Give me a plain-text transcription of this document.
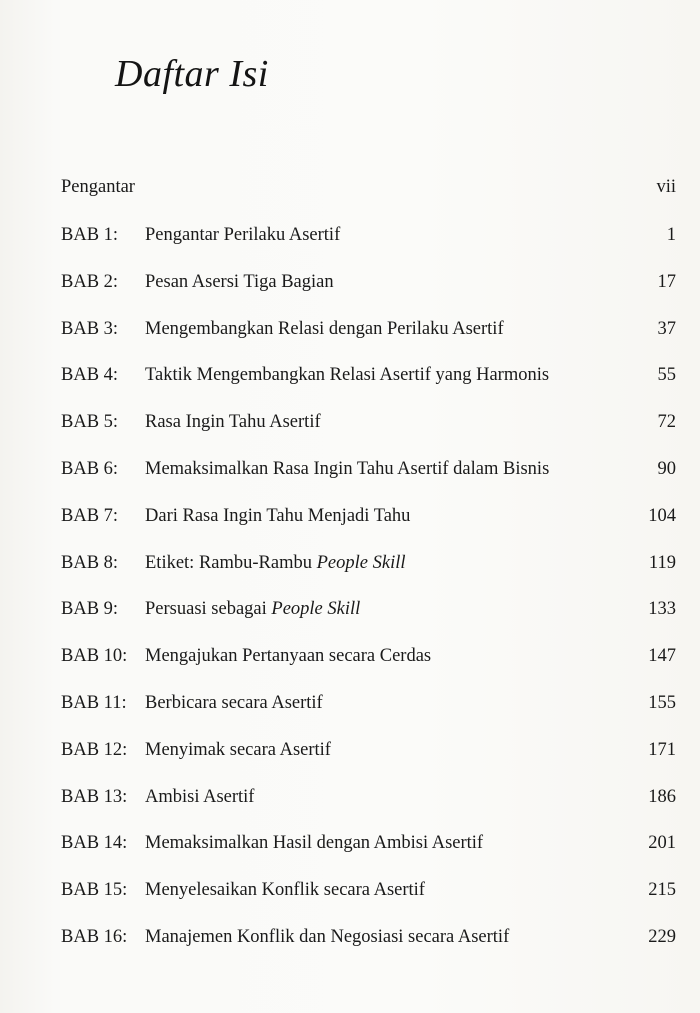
Daftar Isi
Pengantar	vii
BAB 1: Pengantar Perilaku Asertif	1
BAB 2: Pesan Asersi Tiga Bagian	17
BAB 3: Mengembangkan Relasi dengan Perilaku Asertif	37
BAB 4: Taktik Mengembangkan Relasi Asertif yang Harmonis	55
BAB 5: Rasa Ingin Tahu Asertif	72
BAB 6: Memaksimalkan Rasa Ingin Tahu Asertif dalam Bisnis	90
BAB 7: Dari Rasa Ingin Tahu Menjadi Tahu	104
BAB 8: Etiket: Rambu-Rambu People Skill	119
BAB 9: Persuasi sebagai People Skill	133
BAB 10: Mengajukan Pertanyaan secara Cerdas	147
BAB 11: Berbicara secara Asertif	155
BAB 12: Menyimak secara Asertif	171
BAB 13: Ambisi Asertif	186
BAB 14: Memaksimalkan Hasil dengan Ambisi Asertif	201
BAB 15: Menyelesaikan Konflik secara Asertif	215
BAB 16: Manajemen Konflik dan Negosiasi secara Asertif	229
